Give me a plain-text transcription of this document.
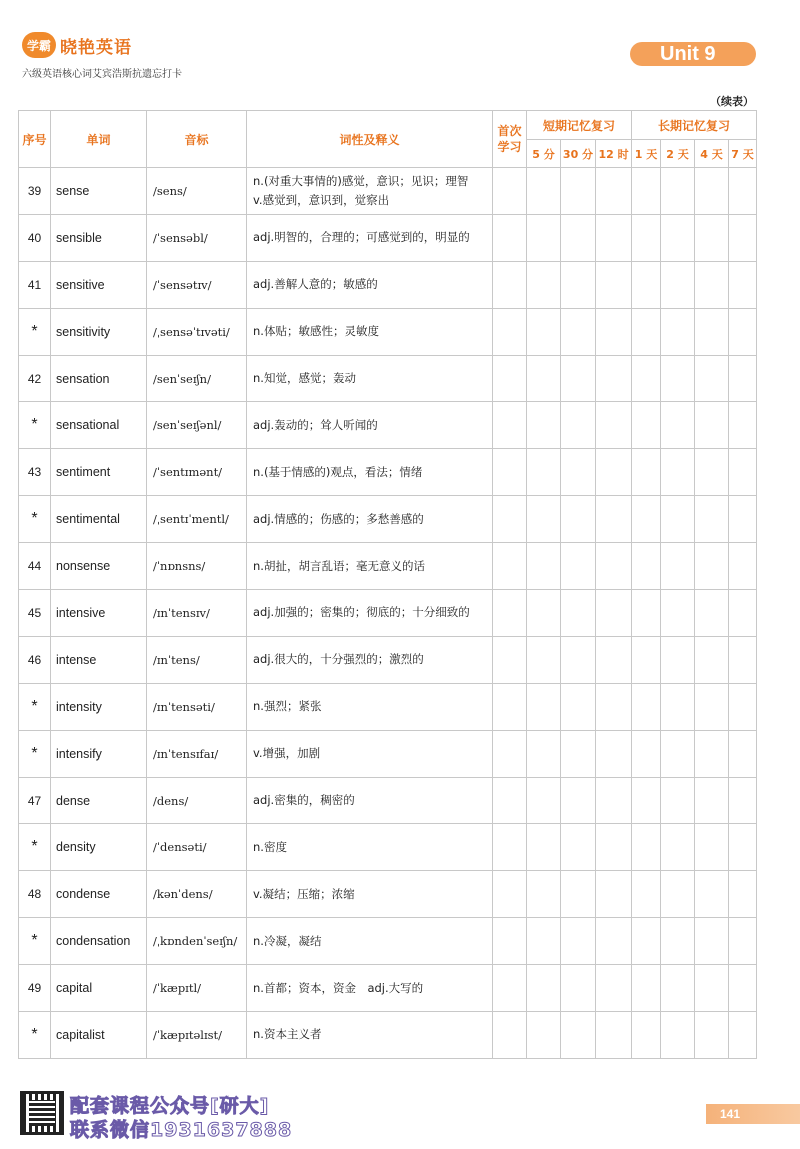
学霸 晓艳英语
六级英语核心词艾宾浩斯抗遗忘打卡
Unit 9
（续表）
序号	单词	音标	词性及释义	首次学习	短期记忆复习			长期记忆复习			
					5 分	30 分	12 时	1 天	2 天	4 天	7 天
39	sense	/sens/	n.(对重大事情的)感觉，意识；见识；理智　v.感觉到，意识到，觉察出								
40	sensible	/ˈsensəbl/	adj.明智的，合理的；可感觉到的，明显的								
41	sensitive	/ˈsensətɪv/	adj.善解人意的；敏感的								
*	sensitivity	/ˌsensəˈtɪvəti/	n.体贴；敏感性；灵敏度								
42	sensation	/senˈseɪʃn/	n.知觉，感觉；轰动								
*	sensational	/senˈseɪʃənl/	adj.轰动的；耸人听闻的								
43	sentiment	/ˈsentɪmənt/	n.(基于情感的)观点，看法；情绪								
*	sentimental	/ˌsentɪˈmentl/	adj.情感的；伤感的；多愁善感的								
44	nonsense	/ˈnɒnsns/	n.胡扯，胡言乱语；毫无意义的话								
45	intensive	/ɪnˈtensɪv/	adj.加强的；密集的；彻底的；十分细致的								
46	intense	/ɪnˈtens/	adj.很大的，十分强烈的；激烈的								
*	intensity	/ɪnˈtensəti/	n.强烈；紧张								
*	intensify	/ɪnˈtensɪfaɪ/	v.增强，加剧								
47	dense	/dens/	adj.密集的，稠密的								
*	density	/ˈdensəti/	n.密度								
48	condense	/kənˈdens/	v.凝结；压缩；浓缩								
*	condensation	/ˌkɒndenˈseɪʃn/	n.冷凝，凝结								
49	capital	/ˈkæpɪtl/	n.首都；资本，资金　adj.大写的								
*	capitalist	/ˈkæpɪtəlɪst/	n.资本主义者								
配套课程公众号[研大]
联系微信1931637888
141
